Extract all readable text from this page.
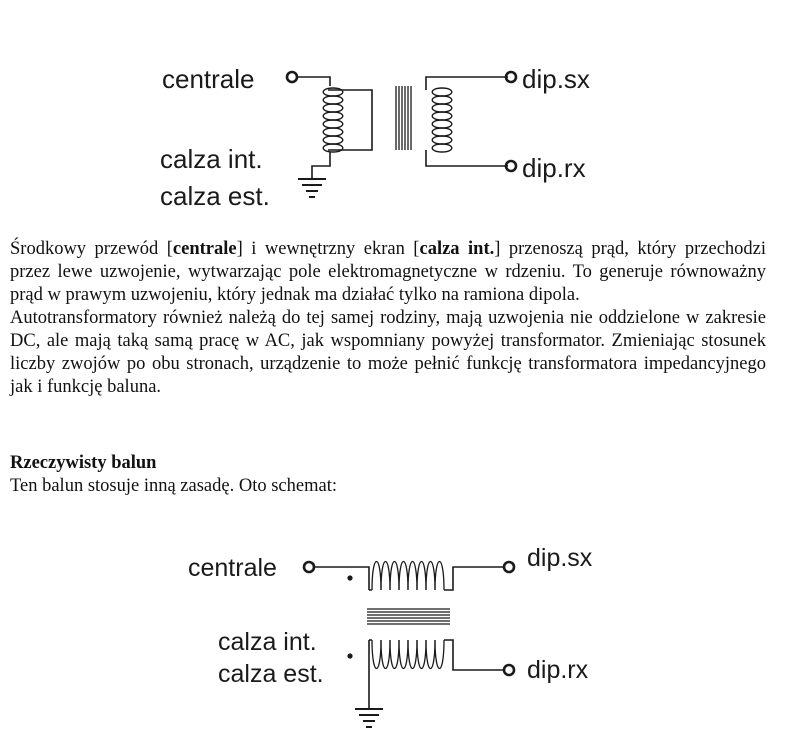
centrale
calza int.
calza est.
dip.sx
dip.rx

Środkowy przewód [centrale] i wewnętrzny ekran [calza int.] przenoszą prąd, który przechodzi przez lewe uzwojenie, wytwarzając pole elektromagnetyczne w rdzeniu. To generuje równoważny prąd w prawym uzwojeniu, który jednak ma działać tylko na ramiona dipola.

Autotransformatory również należą do tej samej rodziny, mają uzwojenia nie oddzielone w zakresie DC, ale mają taką samą pracę w AC, jak wspomniany powyżej transformator. Zmieniając stosunek liczby zwojów po obu stronach, urządzenie to może pełnić funkcję transformatora impedancyjnego jak i funkcję baluna.

Rzeczywisty balun

Ten balun stosuje inną zasadę. Oto schemat:

centrale
calza int.
calza est.
dip.sx
dip.rx
